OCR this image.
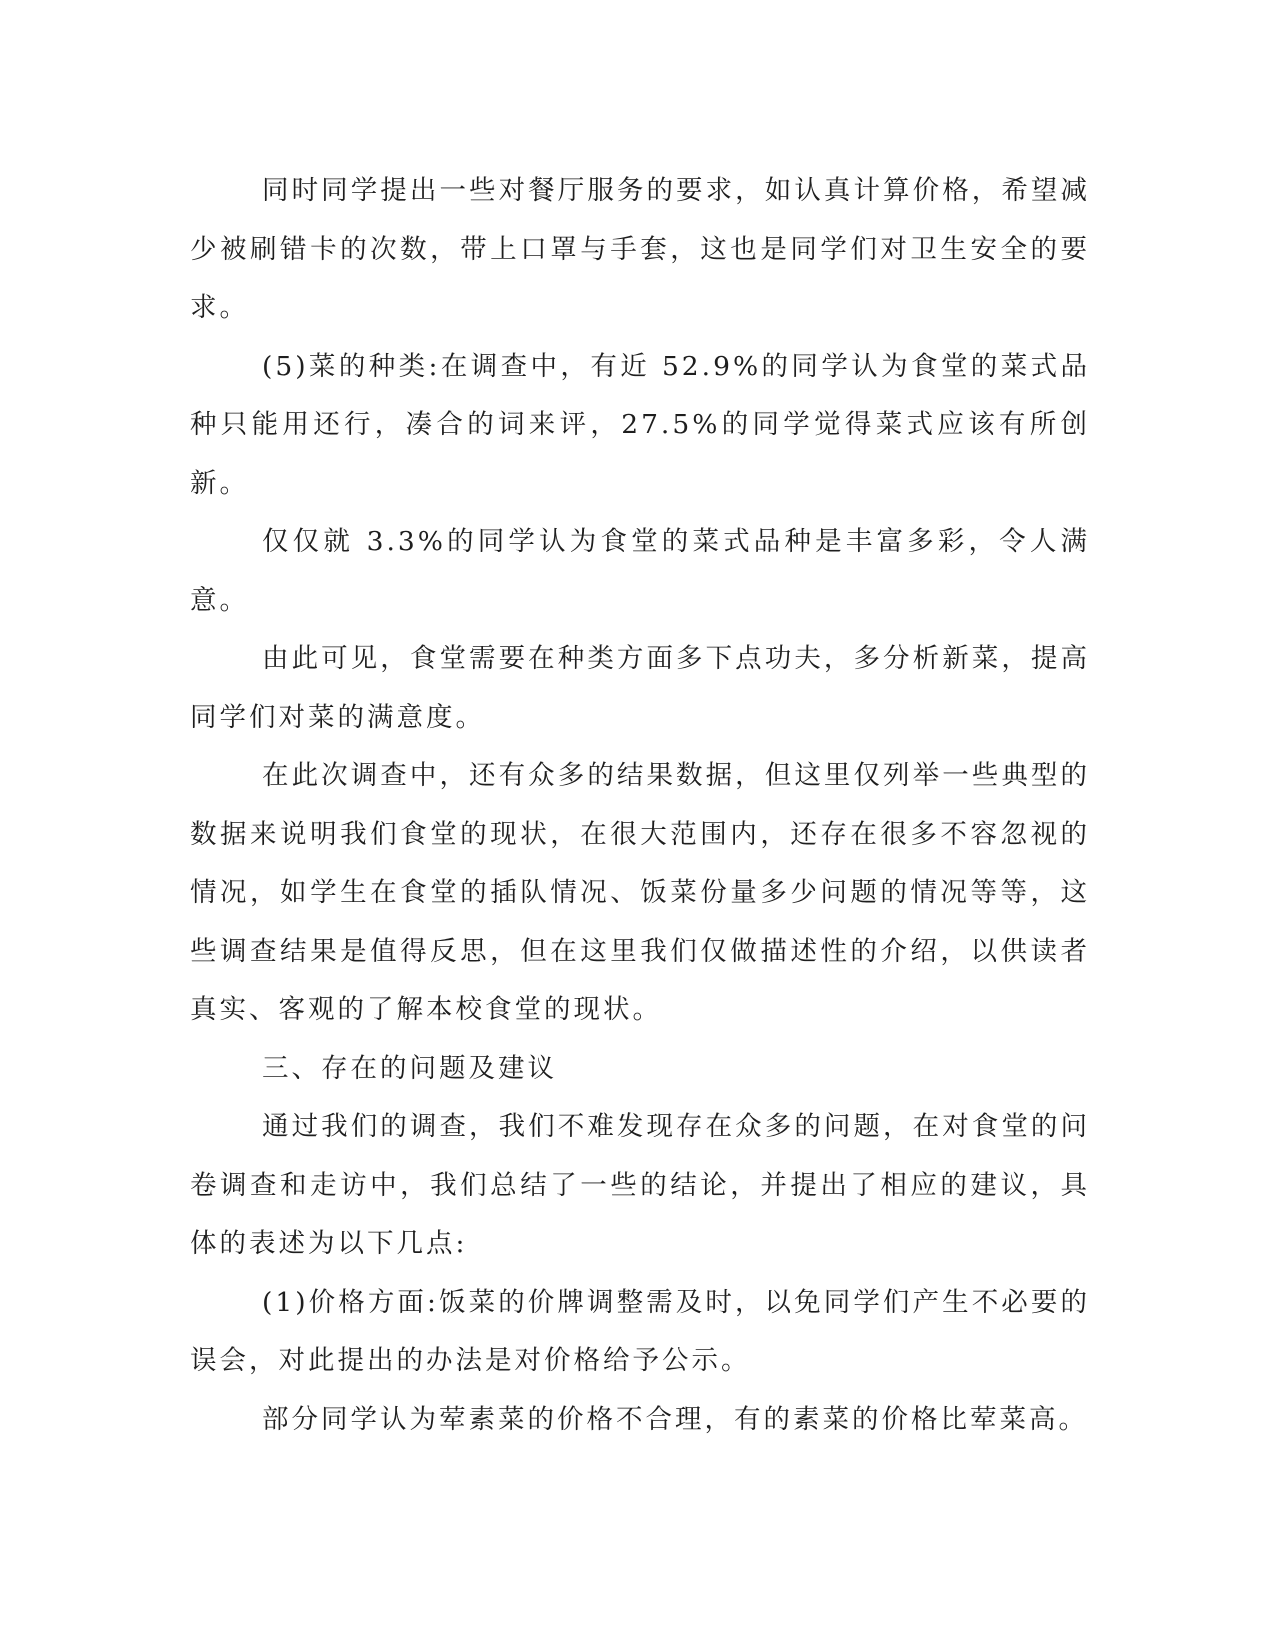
同时同学提出一些对餐厅服务的要求，如认真计算价格，希望减少被刷错卡的次数，带上口罩与手套，这也是同学们对卫生安全的要求。

(5)菜的种类:在调查中，有近 52.9%的同学认为食堂的菜式品种只能用还行，凑合的词来评，27.5%的同学觉得菜式应该有所创新。

仅仅就 3.3%的同学认为食堂的菜式品种是丰富多彩，令人满意。

由此可见，食堂需要在种类方面多下点功夫，多分析新菜，提高同学们对菜的满意度。

在此次调查中，还有众多的结果数据，但这里仅列举一些典型的数据来说明我们食堂的现状，在很大范围内，还存在很多不容忽视的情况，如学生在食堂的插队情况、饭菜份量多少问题的情况等等，这些调查结果是值得反思，但在这里我们仅做描述性的介绍，以供读者真实、客观的了解本校食堂的现状。

三、存在的问题及建议

通过我们的调查，我们不难发现存在众多的问题，在对食堂的问卷调查和走访中，我们总结了一些的结论，并提出了相应的建议，具体的表述为以下几点:

(1)价格方面:饭菜的价牌调整需及时，以免同学们产生不必要的误会，对此提出的办法是对价格给予公示。

部分同学认为荤素菜的价格不合理，有的素菜的价格比荤菜高。
